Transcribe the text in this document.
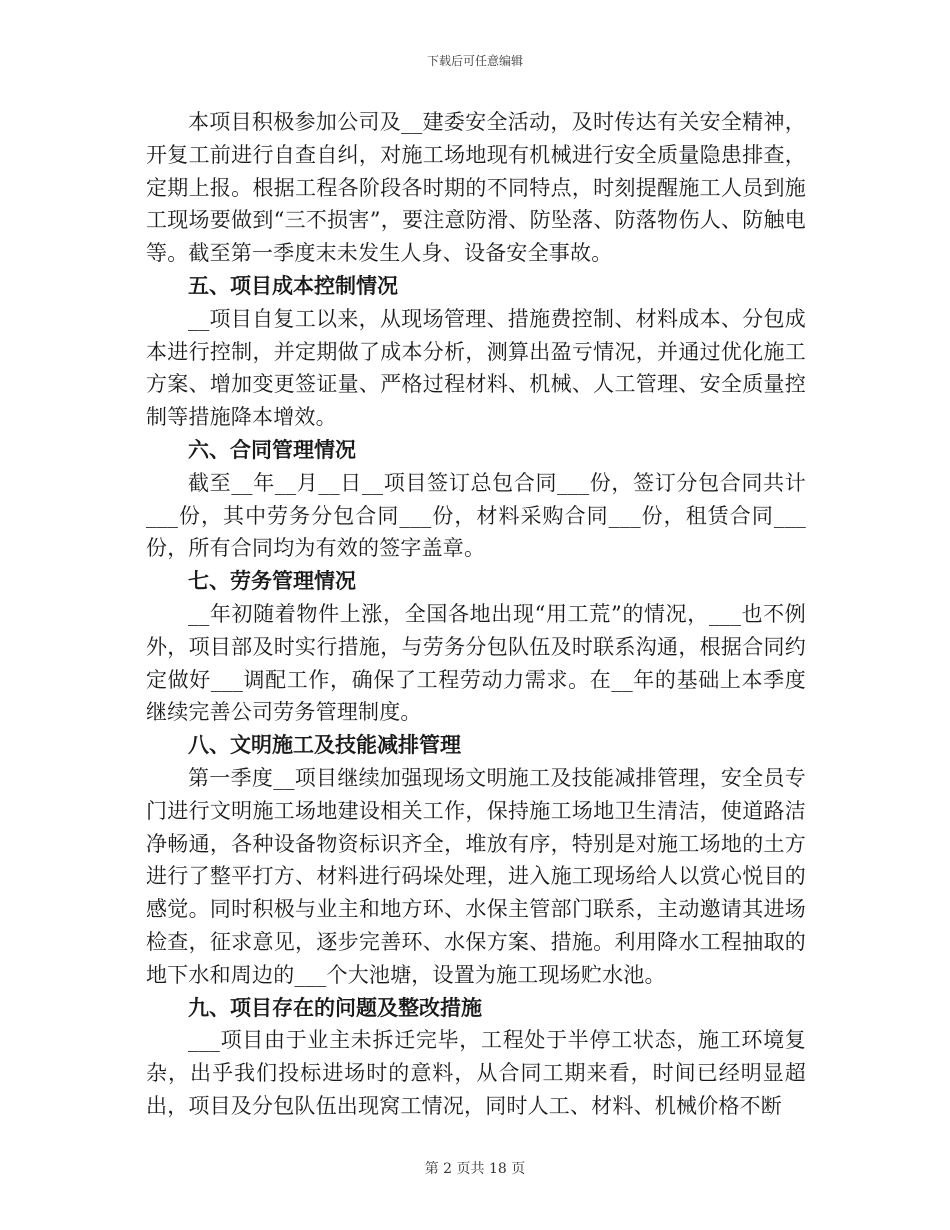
下载后可任意编辑

本项目积极参加公司及__建委安全活动，及时传达有关安全精神，开复工前进行自查自纠，对施工场地现有机械进行安全质量隐患排查，定期上报。根据工程各阶段各时期的不同特点，时刻提醒施工人员到施工现场要做到“三不损害”，要注意防滑、防坠落、防落物伤人、防触电等。截至第一季度末未发生人身、设备安全事故。

五、项目成本控制情况

__项目自复工以来，从现场管理、措施费控制、材料成本、分包成本进行控制，并定期做了成本分析，测算出盈亏情况，并通过优化施工方案、增加变更签证量、严格过程材料、机械、人工管理、安全质量控制等措施降本增效。

六、合同管理情况

截至__年__月__日__项目签订总包合同___份，签订分包合同共计___份，其中劳务分包合同___份，材料采购合同___份，租赁合同___份，所有合同均为有效的签字盖章。

七、劳务管理情况

__年初随着物件上涨，全国各地出现“用工荒”的情况，___也不例外，项目部及时实行措施，与劳务分包队伍及时联系沟通，根据合同约定做好___调配工作，确保了工程劳动力需求。在__年的基础上本季度继续完善公司劳务管理制度。

八、文明施工及技能减排管理

第一季度__项目继续加强现场文明施工及技能减排管理，安全员专门进行文明施工场地建设相关工作，保持施工场地卫生清洁，使道路洁净畅通，各种设备物资标识齐全，堆放有序，特别是对施工场地的土方进行了整平打方、材料进行码垛处理，进入施工现场给人以赏心悦目的感觉。同时积极与业主和地方环、水保主管部门联系，主动邀请其进场检查，征求意见，逐步完善环、水保方案、措施。利用降水工程抽取的地下水和周边的___个大池塘，设置为施工现场贮水池。

九、项目存在的问题及整改措施

___项目由于业主未拆迁完毕，工程处于半停工状态，施工环境复杂，出乎我们投标进场时的意料，从合同工期来看，时间已经明显超出，项目及分包队伍出现窝工情况，同时人工、材料、机械价格不断

第 2 页共 18 页
